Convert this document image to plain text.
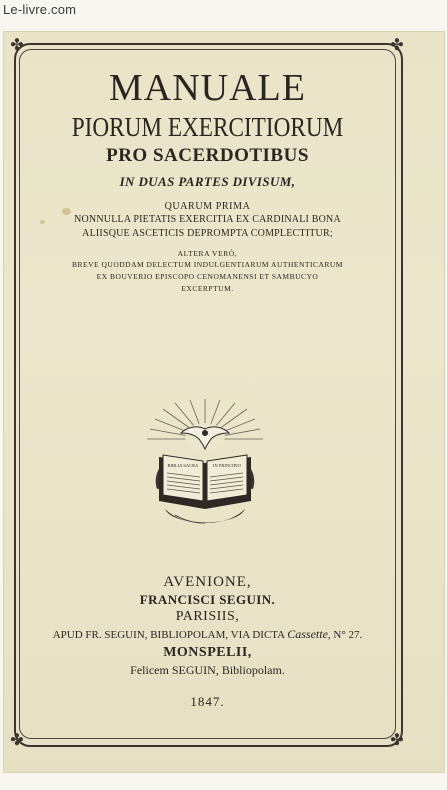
Le-livre.com
✤	✤
✤	✤
MANUALE
PIORUM EXERCITIORUM
PRO SACERDOTIBUS
IN DUAS PARTES DIVISUM,
QUARUM PRIMA
NONNULLA PIETATIS EXERCITIA EX CARDINALI BONA
ALIISQUE ASCETICIS DEPROMPTA COMPLECTITUR;
ALTERA VERÒ,
BREVE QUODDAM DELECTUM INDULGENTIARUM AUTHENTICARUM
EX BOUVERIO EPISCOPO CENOMANENSI ET SAMBUCYO
EXCERPTUM.
BIBLIA SACRA	IN PRINCIPIO
AVENIONE,
FRANCISCI SEGUIN.
PARISIIS,
APUD FR. SEGUIN, BIBLIOPOLAM, VIA DICTA Cassette, N° 27.
MONSPELII,
Felicem SEGUIN, Bibliopolam.
1847.
